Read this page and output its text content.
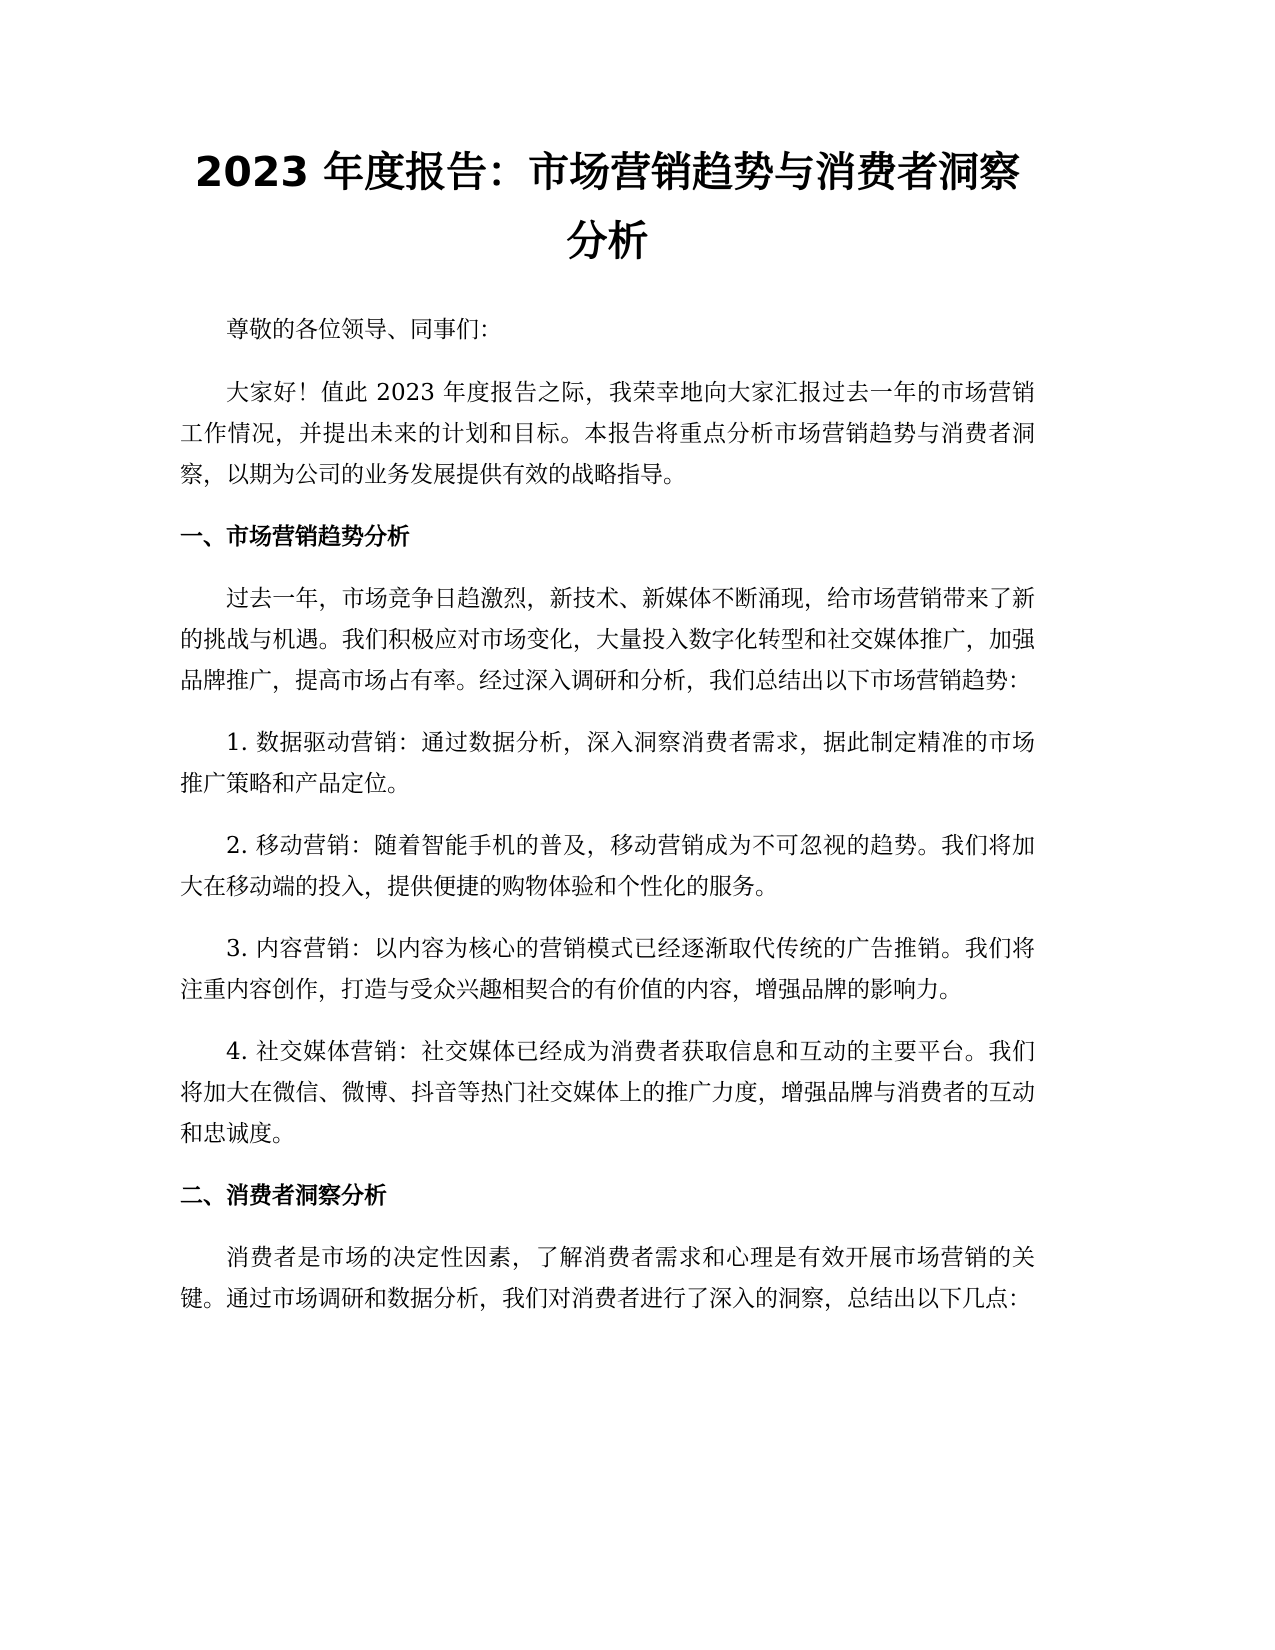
2023 年度报告：市场营销趋势与消费者洞察分析

尊敬的各位领导、同事们：

大家好！值此 2023 年度报告之际，我荣幸地向大家汇报过去一年的市场营销工作情况，并提出未来的计划和目标。本报告将重点分析市场营销趋势与消费者洞察，以期为公司的业务发展提供有效的战略指导。

一、市场营销趋势分析

过去一年，市场竞争日趋激烈，新技术、新媒体不断涌现，给市场营销带来了新的挑战与机遇。我们积极应对市场变化，大量投入数字化转型和社交媒体推广，加强品牌推广，提高市场占有率。经过深入调研和分析，我们总结出以下市场营销趋势：

1. 数据驱动营销：通过数据分析，深入洞察消费者需求，据此制定精准的市场推广策略和产品定位。

2. 移动营销：随着智能手机的普及，移动营销成为不可忽视的趋势。我们将加大在移动端的投入，提供便捷的购物体验和个性化的服务。

3. 内容营销：以内容为核心的营销模式已经逐渐取代传统的广告推销。我们将注重内容创作，打造与受众兴趣相契合的有价值的内容，增强品牌的影响力。

4. 社交媒体营销：社交媒体已经成为消费者获取信息和互动的主要平台。我们将加大在微信、微博、抖音等热门社交媒体上的推广力度，增强品牌与消费者的互动和忠诚度。

二、消费者洞察分析

消费者是市场的决定性因素，了解消费者需求和心理是有效开展市场营销的关键。通过市场调研和数据分析，我们对消费者进行了深入的洞察，总结出以下几点：
